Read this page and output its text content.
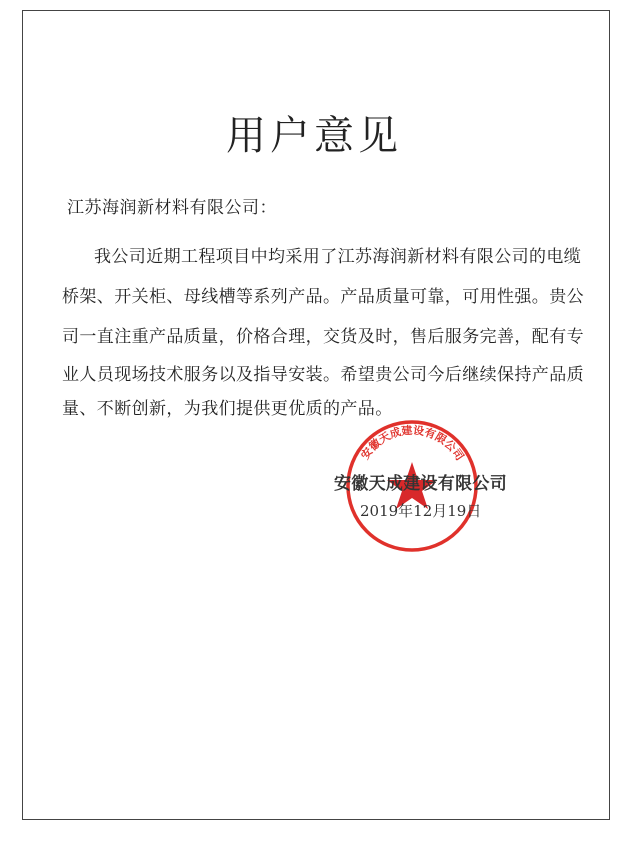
用户意见
江苏海润新材料有限公司：
我公司近期工程项目中均采用了江苏海润新材料有限公司的电缆
桥架、开关柜、母线槽等系列产品。产品质量可靠，可用性强。贵公
司一直注重产品质量，价格合理，交货及时，售后服务完善，配有专
业人员现场技术服务以及指导安装。希望贵公司今后继续保持产品质
量、不断创新，为我们提供更优质的产品。
安徽天成建设有限公司
安徽天成建设有限公司
2019年12月19日
